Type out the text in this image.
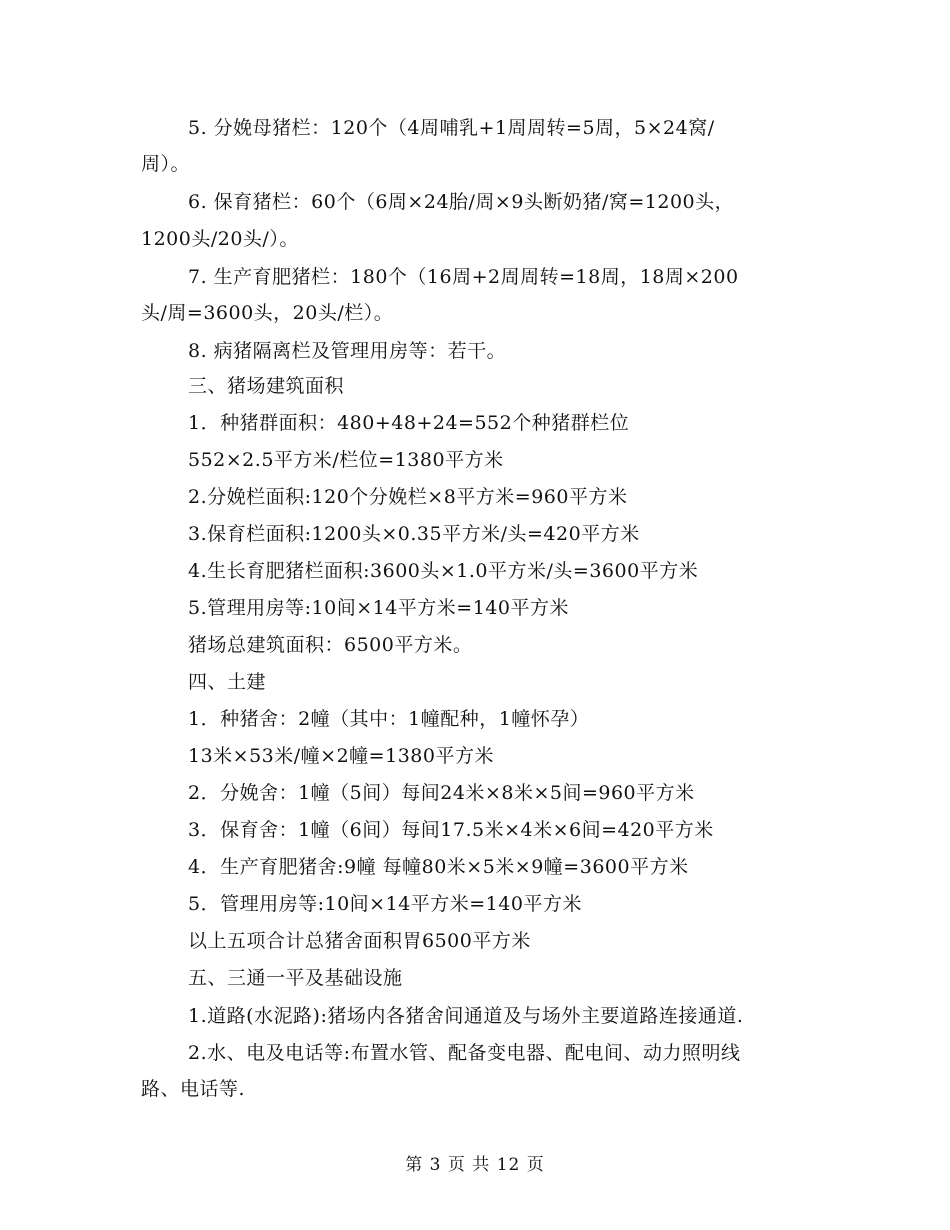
5. 分娩母猪栏：120个（4周哺乳+1周周转=5周，5×24窝/
周）。
6. 保育猪栏：60个（6周×24胎/周×9头断奶猪/窝=1200头，
1200头/20头/）。
7. 生产育肥猪栏：180个（16周+2周周转=18周，18周×200
头/周=3600头，20头/栏）。
8. 病猪隔离栏及管理用房等：若干。
三、猪场建筑面积
1．种猪群面积：480+48+24=552个种猪群栏位
552×2.5平方米/栏位=1380平方米
2.分娩栏面积:120个分娩栏×8平方米=960平方米
3.保育栏面积:1200头×0.35平方米/头=420平方米
4.生长育肥猪栏面积:3600头×1.0平方米/头=3600平方米
5.管理用房等:10间×14平方米=140平方米
猪场总建筑面积：6500平方米。
四、土建
1．种猪舍：2幢（其中：1幢配种，1幢怀孕）
13米×53米/幢×2幢=1380平方米
2．分娩舍：1幢（5间）每间24米×8米×5间=960平方米
3．保育舍：1幢（6间）每间17.5米×4米×6间=420平方米
4．生产育肥猪舍:9幢 每幢80米×5米×9幢=3600平方米
5．管理用房等:10间×14平方米=140平方米
以上五项合计总猪舍面积胃6500平方米
五、三通一平及基础设施
1.道路(水泥路):猪场内各猪舍间通道及与场外主要道路连接通道.
2.水、电及电话等:布置水管、配备变电器、配电间、动力照明线
路、电话等.
第 3 页 共 12 页
